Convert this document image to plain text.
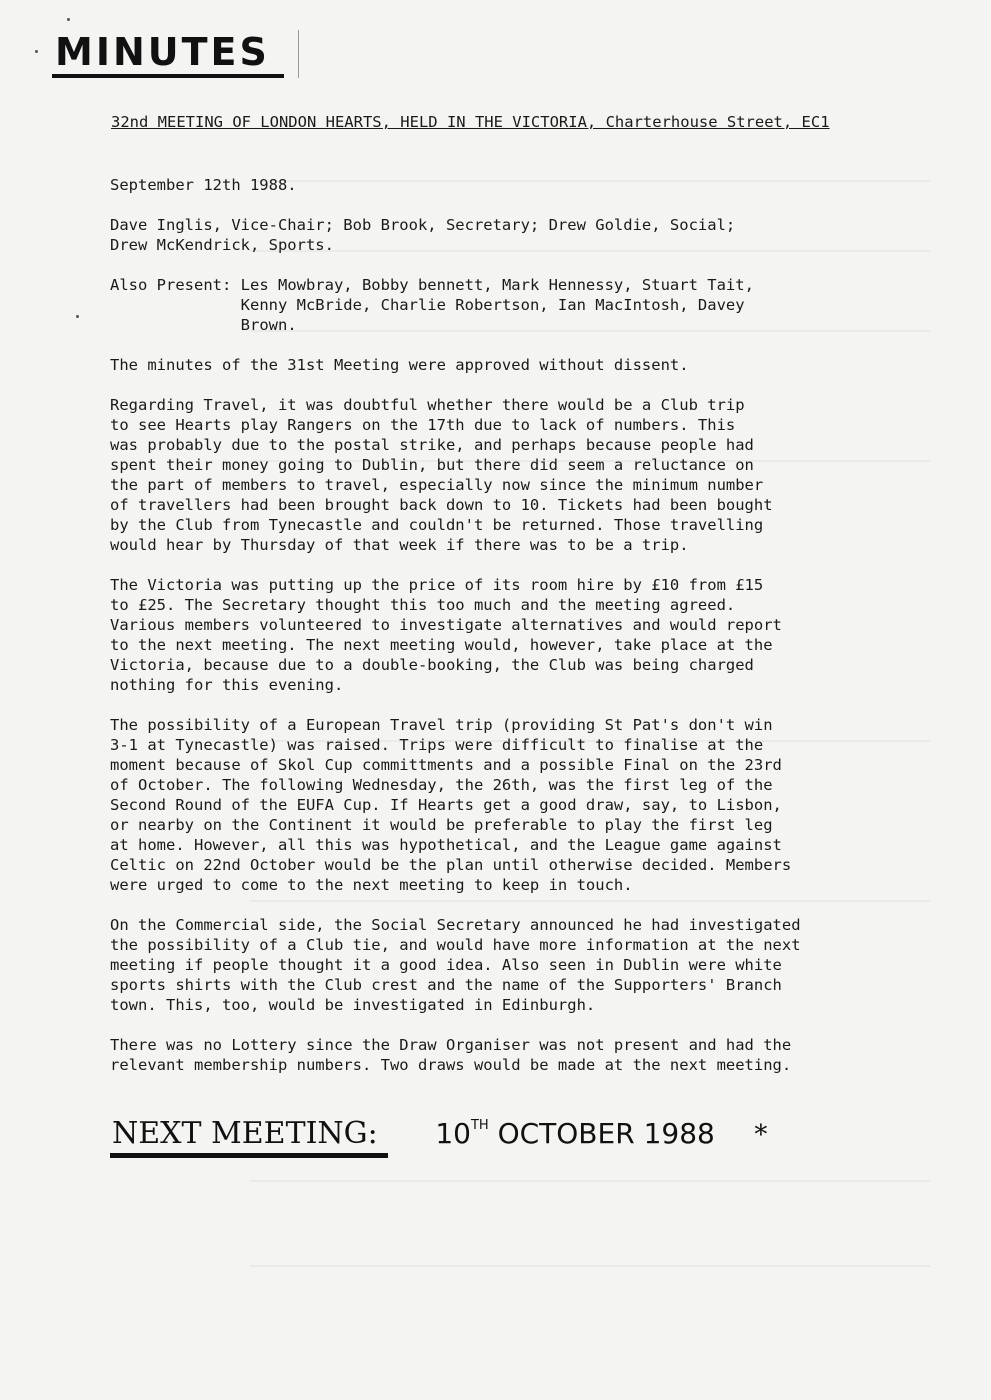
MINUTES
32nd MEETING OF LONDON HEARTS, HELD IN THE VICTORIA, Charterhouse Street, EC1

September 12th 1988.

Dave Inglis, Vice-Chair; Bob Brook, Secretary; Drew Goldie, Social;
Drew McKendrick, Sports.

Also Present: Les Mowbray, Bobby bennett, Mark Hennessy, Stuart Tait,
Kenny McBride, Charlie Robertson, Ian MacIntosh, Davey
Brown.

The minutes of the 31st Meeting were approved without dissent.

Regarding Travel, it was doubtful whether there would be a Club trip
to see Hearts play Rangers on the 17th due to lack of numbers. This
was probably due to the postal strike, and perhaps because people had
spent their money going to Dublin, but there did seem a reluctance on
the part of members to travel, especially now since the minimum number
of travellers had been brought back down to 10. Tickets had been bought
by the Club from Tynecastle and couldn't be returned. Those travelling
would hear by Thursday of that week if there was to be a trip.

The Victoria was putting up the price of its room hire by £10 from £15
to £25. The Secretary thought this too much and the meeting agreed.
Various members volunteered to investigate alternatives and would report
to the next meeting. The next meeting would, however, take place at the
Victoria, because due to a double-booking, the Club was being charged
nothing for this evening.

The possibility of a European Travel trip (providing St Pat's don't win
3-1 at Tynecastle) was raised. Trips were difficult to finalise at the
moment because of Skol Cup committments and a possible Final on the 23rd
of October. The following Wednesday, the 26th, was the first leg of the
Second Round of the EUFA Cup. If Hearts get a good draw, say, to Lisbon,
or nearby on the Continent it would be preferable to play the first leg
at home. However, all this was hypothetical, and the League game against
Celtic on 22nd October would be the plan until otherwise decided. Members
were urged to come to the next meeting to keep in touch.

On the Commercial side, the Social Secretary announced he had investigated
the possibility of a Club tie, and would have more information at the next
meeting if people thought it a good idea. Also seen in Dublin were white
sports shirts with the Club crest and the name of the Supporters' Branch
town. This, too, would be investigated in Edinburgh.

There was no Lottery since the Draw Organiser was not present and had the
relevant membership numbers. Two draws would be made at the next meeting.

NEXT MEETING: 10TH OCTOBER 1988 *
